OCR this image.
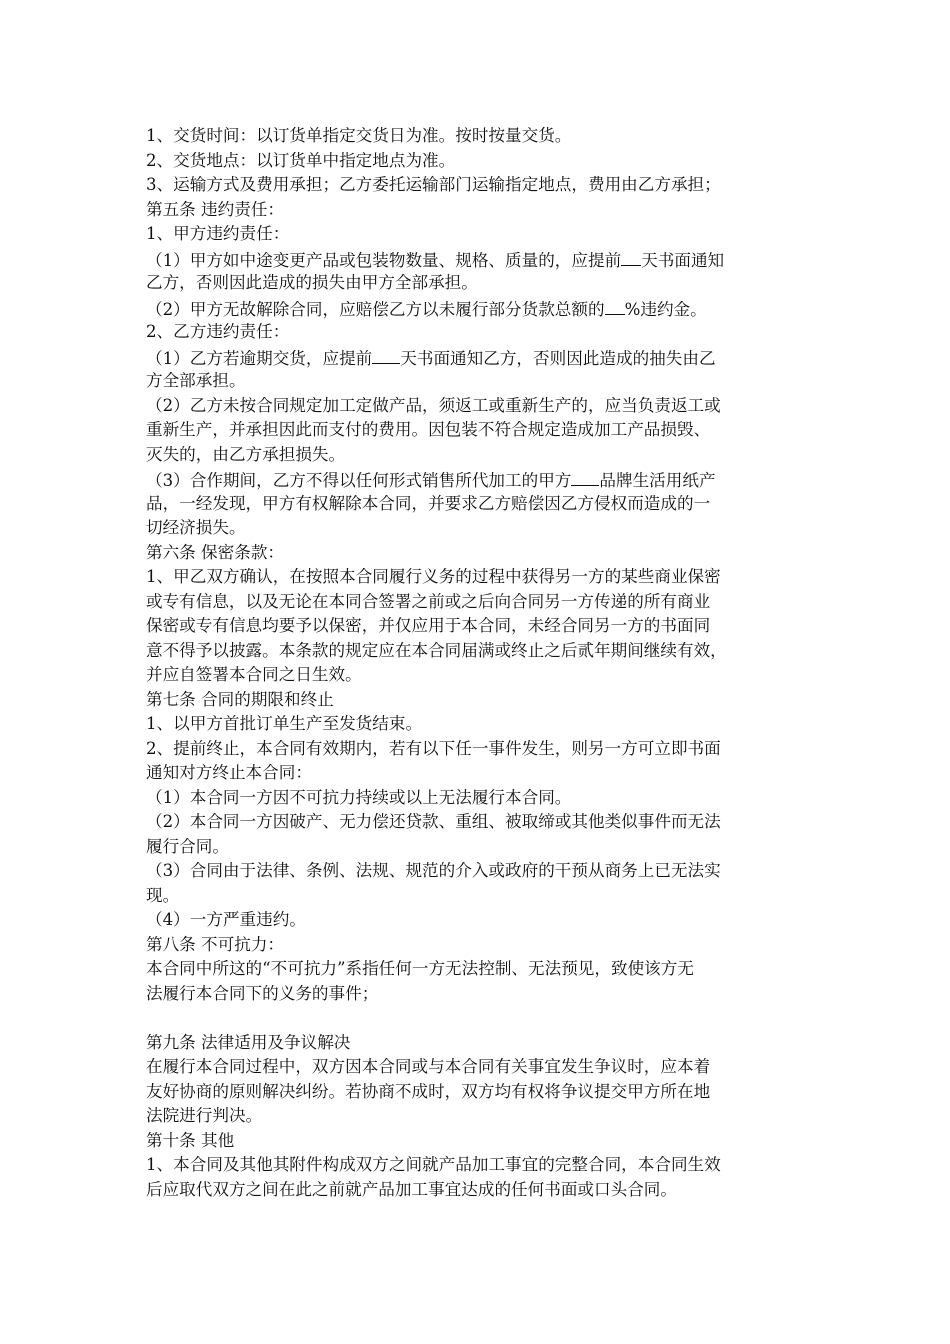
1、交货时间：以订货单指定交货日为准。按时按量交货。
2、交货地点：以订货单中指定地点为准。
3、运输方式及费用承担；乙方委托运输部门运输指定地点，费用由乙方承担；
第五条 违约责任：
1、甲方违约责任：
（1）甲方如中途变更产品或包装物数量、规格、质量的，应提前 天书面通知
乙方，否则因此造成的损失由甲方全部承担。
（2）甲方无故解除合同，应赔偿乙方以未履行部分货款总额的 %违约金。
2、乙方违约责任：
（1）乙方若逾期交货，应提前 天书面通知乙方，否则因此造成的抽失由乙
方全部承担。
（2）乙方未按合同规定加工定做产品，须返工或重新生产的，应当负责返工或
重新生产，并承担因此而支付的费用。因包装不符合规定造成加工产品损毁、
灭失的，由乙方承担损失。
（3）合作期间，乙方不得以任何形式销售所代加工的甲方 品牌生活用纸产
品，一经发现，甲方有权解除本合同，并要求乙方赔偿因乙方侵权而造成的一
切经济损失。
第六条 保密条款：
1、甲乙双方确认，在按照本合同履行义务的过程中获得另一方的某些商业保密
或专有信息，以及无论在本同合签署之前或之后向合同另一方传递的所有商业
保密或专有信息均要予以保密，并仅应用于本合同，未经合同另一方的书面同
意不得予以披露。本条款的规定应在本合同届满或终止之后贰年期间继续有效，
并应自签署本合同之日生效。
第七条 合同的期限和终止
1、以甲方首批订单生产至发货结束。
2、提前终止，本合同有效期内，若有以下任一事件发生，则另一方可立即书面
通知对方终止本合同：
（1）本合同一方因不可抗力持续或以上无法履行本合同。
（2）本合同一方因破产、无力偿还贷款、重组、被取缔或其他类似事件而无法
履行合同。
（3）合同由于法律、条例、法规、规范的介入或政府的干预从商务上已无法实
现。
（4）一方严重违约。
第八条 不可抗力：
本合同中所这的“不可抗力”系指任何一方无法控制、无法预见，致使该方无
法履行本合同下的义务的事件；
第九条 法律适用及争议解决
在履行本合同过程中，双方因本合同或与本合同有关事宜发生争议时，应本着
友好协商的原则解决纠纷。若协商不成时，双方均有权将争议提交甲方所在地
法院进行判决。
第十条 其他
1、本合同及其他其附件构成双方之间就产品加工事宜的完整合同，本合同生效
后应取代双方之间在此之前就产品加工事宜达成的任何书面或口头合同。
